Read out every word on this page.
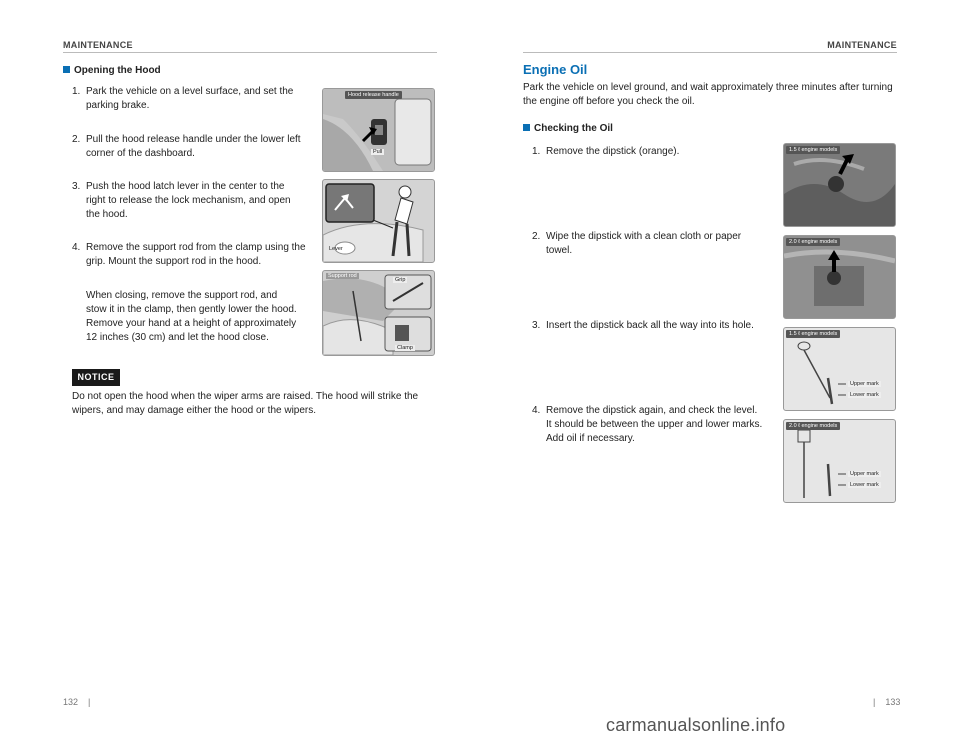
MAINTENANCE
Opening the Hood
1. Park the vehicle on a level surface, and set the
parking brake.
2. Pull the hood release handle under the lower left
corner of the dashboard.
3. Push the hood latch lever in the center to the
right to release the lock mechanism, and open
the hood.
4. Remove the support rod from the clamp using the
grip. Mount the support rod in the hood.
When closing, remove the support rod, and
stow it in the clamp, then gently lower the hood.
Remove your hand at a height of approximately
12 inches (30 cm) and let the hood close.
Hood release handle
Pull
Lever
Support rod
Grip
Clamp
NOTICE
Do not open the hood when the wiper arms are raised. The hood will strike the
wipers, and may damage either the hood or the wipers.
132 |
MAINTENANCE
Engine Oil
Park the vehicle on level ground, and wait approximately three minutes after turning
the engine off before you check the oil.
Checking the Oil
1. Remove the dipstick (orange).
2. Wipe the dipstick with a clean cloth or paper
towel.
3. Insert the dipstick back all the way into its hole.
4. Remove the dipstick again, and check the level.
It should be between the upper and lower marks.
Add oil if necessary.
1.5 ℓ engine models
2.0 ℓ engine models
1.5 ℓ engine models
Upper mark
Lower mark
2.0 ℓ engine models
Upper mark
Lower mark
| 133
carmanualsonline.info
